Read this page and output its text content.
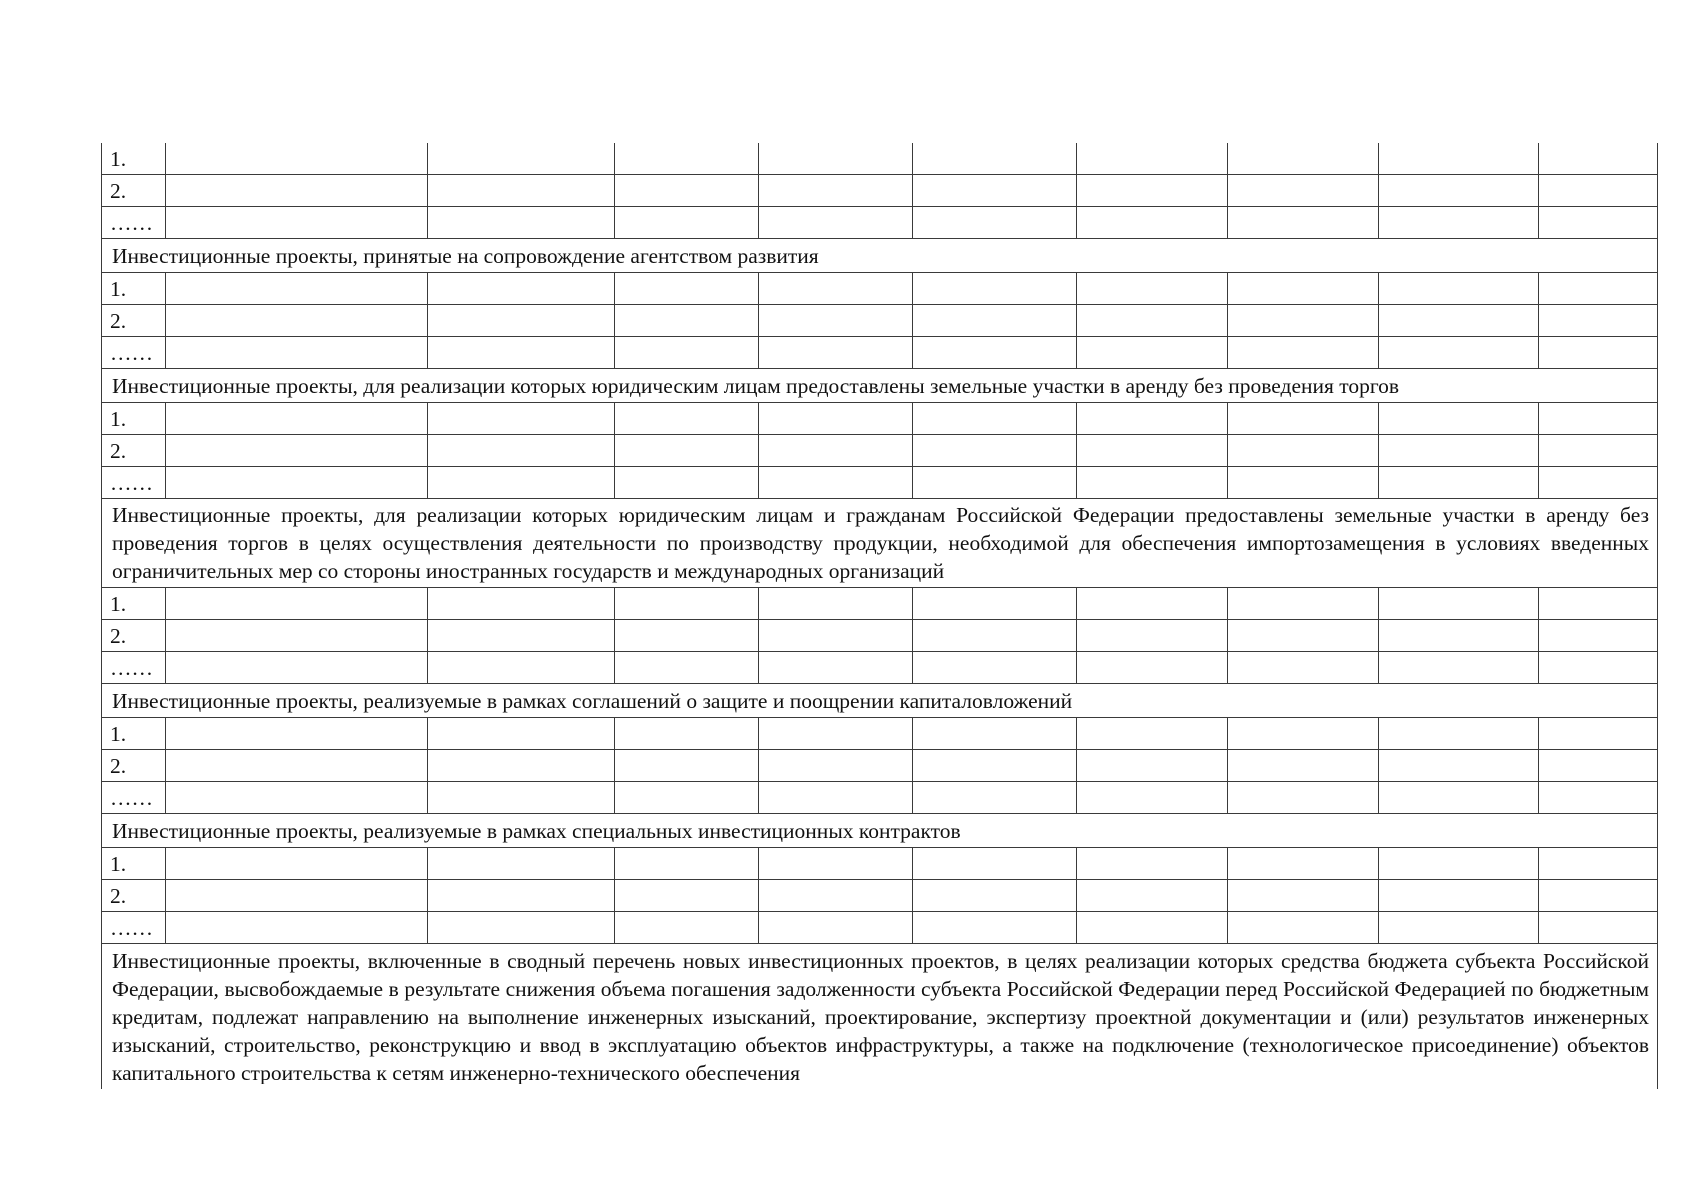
1.									
2.									
……									
Инвестиционные проекты, принятые на сопровождение агентством развития									
1.									
2.									
……									
Инвестиционные проекты, для реализации которых юридическим лицам предоставлены земельные участки в аренду без проведения торгов									
1.									
2.									
……									
Инвестиционные проекты, для реализации которых юридическим лицам и гражданам Российской Федерации предоставлены земельные участки в аренду без проведения торгов в целях осуществления деятельности по производству продукции, необходимой для обеспечения импортозамещения в условиях введенных ограничительных мер со стороны иностранных государств и международных организаций									
1.									
2.									
……									
Инвестиционные проекты, реализуемые в рамках соглашений о защите и поощрении капиталовложений									
1.									
2.									
……									
Инвестиционные проекты, реализуемые в рамках специальных инвестиционных контрактов									
1.									
2.									
……									

Инвестиционные проекты, включенные в сводный перечень новых инвестиционных проектов, в целях реализации которых средства бюджета субъекта Российской Федерации, высвобождаемые в результате снижения объема погашения задолженности субъекта Российской Федерации перед Российской Федерацией по бюджетным кредитам, подлежат направлению на выполнение инженерных изысканий, проектирование, экспертизу проектной документации и (или) результатов инженерных изысканий, строительство, реконструкцию и ввод в эксплуатацию объектов инфраструктуры, а также на подключение (технологическое присоединение) объектов капитального строительства к сетям инженерно-технического обеспечения									
